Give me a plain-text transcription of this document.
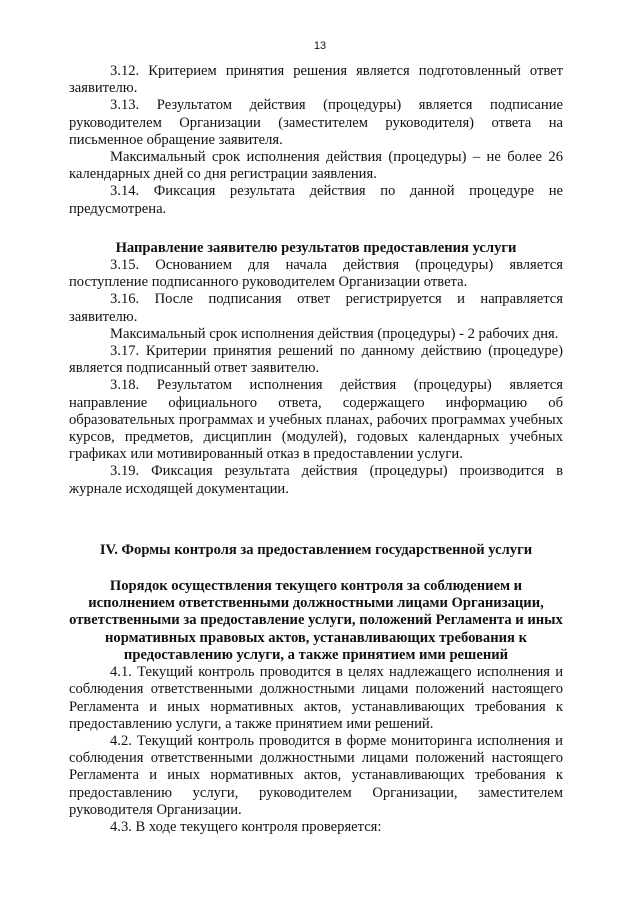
13

3.12. Критерием принятия решения является подготовленный ответ заявителю.

3.13. Результатом действия (процедуры) является подписание руководителем Организации (заместителем руководителя) ответа на письменное обращение заявителя.

Максимальный срок исполнения действия (процедуры) – не более 26 календарных дней со дня регистрации заявления.

3.14. Фиксация результата действия по данной процедуре не предусмотрена.

Направление заявителю результатов предоставления услуги

3.15. Основанием для начала действия (процедуры) является поступление подписанного руководителем Организации ответа.

3.16. После подписания ответ регистрируется и направляется заявителю.

Максимальный срок исполнения действия (процедуры) - 2 рабочих дня.

3.17. Критерии принятия решений по данному действию (процедуре) является подписанный ответ заявителю.

3.18. Результатом исполнения действия (процедуры) является направление официального ответа, содержащего информацию об образовательных программах и учебных планах, рабочих программах учебных курсов, предметов, дисциплин (модулей), годовых календарных учебных графиках или мотивированный отказ в предоставлении услуги.

3.19. Фиксация результата действия (процедуры) производится в журнале исходящей документации.

IV. Формы контроля за предоставлением государственной услуги

Порядок осуществления текущего контроля за соблюдением и исполнением ответственными должностными лицами Организации, ответственными за предоставление услуги, положений Регламента и иных нормативных правовых актов, устанавливающих требования к предоставлению услуги, а также принятием ими решений

4.1. Текущий контроль проводится в целях надлежащего исполнения и соблюдения ответственными должностными лицами положений настоящего Регламента и иных нормативных актов, устанавливающих требования к предоставлению услуги, а также принятием ими решений.

4.2. Текущий контроль проводится в форме мониторинга исполнения и соблюдения ответственными должностными лицами положений настоящего Регламента и иных нормативных актов, устанавливающих требования к предоставлению услуги, руководителем Организации, заместителем руководителя Организации.

4.3. В ходе текущего контроля проверяется:
